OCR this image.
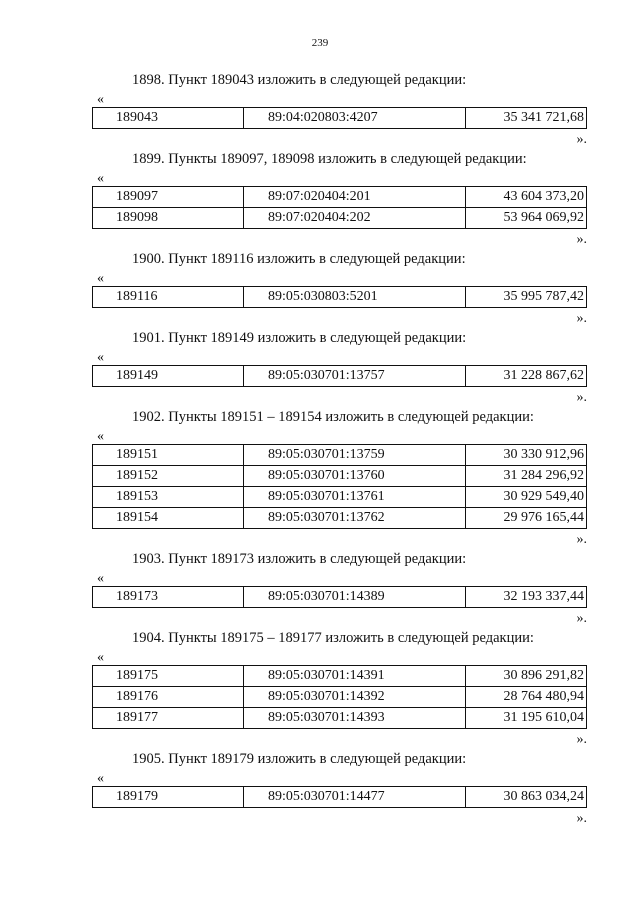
239
1898. Пункт 189043 изложить в следующей редакции:
«
189043	89:04:020803:4207	35 341 721,68
».
1899. Пункты 189097, 189098 изложить в следующей редакции:
«
189097	89:07:020404:201	43 604 373,20
189098	89:07:020404:202	53 964 069,92
».
1900. Пункт 189116 изложить в следующей редакции:
«
189116	89:05:030803:5201	35 995 787,42
».
1901. Пункт 189149 изложить в следующей редакции:
«
189149	89:05:030701:13757	31 228 867,62
».
1902. Пункты 189151 – 189154 изложить в следующей редакции:
«
189151	89:05:030701:13759	30 330 912,96
189152	89:05:030701:13760	31 284 296,92
189153	89:05:030701:13761	30 929 549,40
189154	89:05:030701:13762	29 976 165,44
».
1903. Пункт 189173 изложить в следующей редакции:
«
189173	89:05:030701:14389	32 193 337,44
».
1904. Пункты 189175 – 189177 изложить в следующей редакции:
«
189175	89:05:030701:14391	30 896 291,82
189176	89:05:030701:14392	28 764 480,94
189177	89:05:030701:14393	31 195 610,04
».
1905. Пункт 189179 изложить в следующей редакции:
«
189179	89:05:030701:14477	30 863 034,24
».
